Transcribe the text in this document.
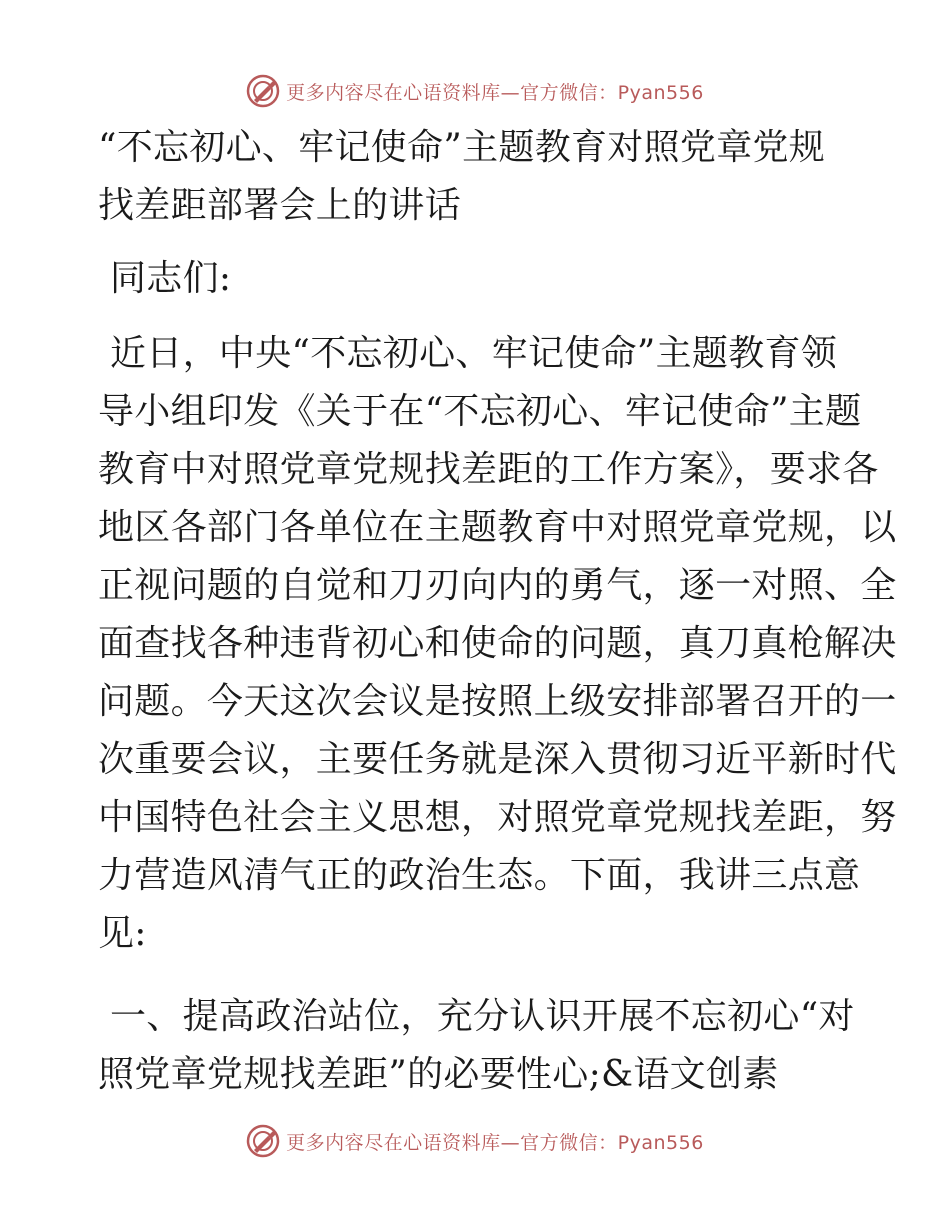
更多内容尽在心语资料库—官方微信：Pyan556
“不忘初心、牢记使命”主题教育对照党章党规
找差距部署会上的讲话
同志们:
近日，中央“不忘初心、牢记使命”主题教育领
导小组印发《关于在“不忘初心、牢记使命”主题
教育中对照党章党规找差距的工作方案》，要求各
地区各部门各单位在主题教育中对照党章党规，以
正视问题的自觉和刀刃向内的勇气，逐一对照、全
面查找各种违背初心和使命的问题，真刀真枪解决
问题。今天这次会议是按照上级安排部署召开的一
次重要会议，主要任务就是深入贯彻习近平新时代
中国特色社会主义思想，对照党章党规找差距，努
力营造风清气正的政治生态。下面，我讲三点意
见:
一、提高政治站位，充分认识开展不忘初心“对
照党章党规找差距”的必要性心;&语文创素
更多内容尽在心语资料库—官方微信：Pyan556
